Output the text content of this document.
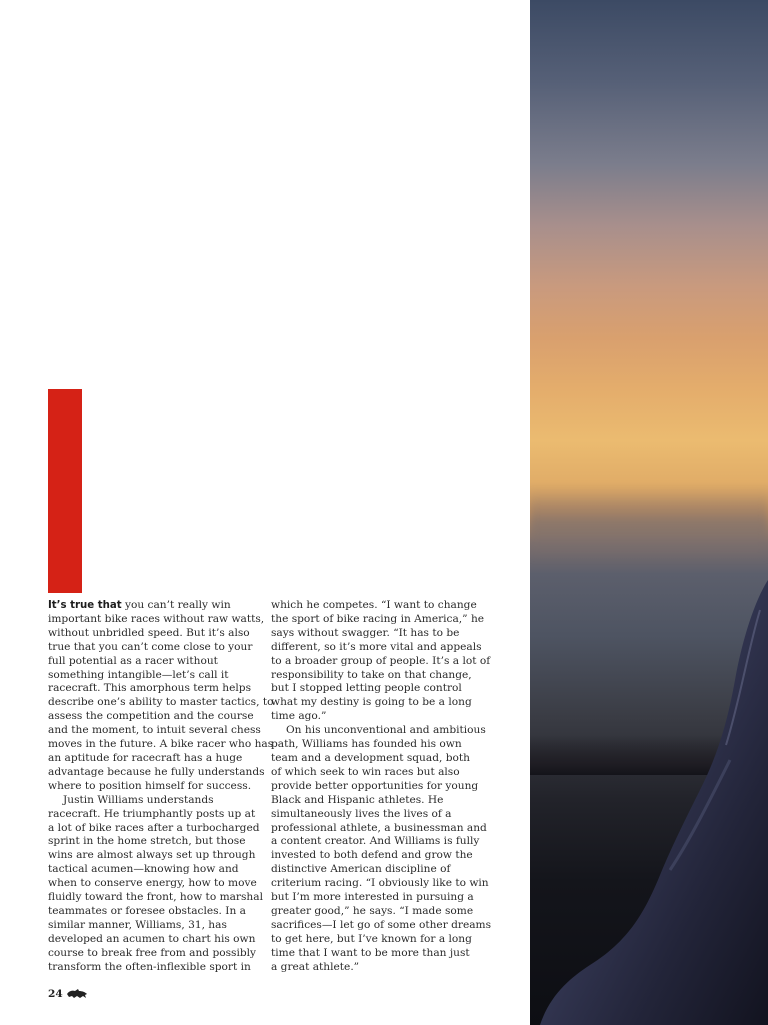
It’s true that you can’t really win
important bike races without raw watts,
without unbridled speed. But it’s also
true that you can’t come close to your
full potential as a racer without
something intangible—let’s call it
racecraft. This amorphous term helps
describe one’s ability to master tactics, to
assess the competition and the course
and the moment, to intuit several chess
moves in the future. A bike racer who has
an aptitude for racecraft has a huge
advantage because he fully understands
where to position himself for success.
Justin Williams understands
racecraft. He triumphantly posts up at
a lot of bike races after a turbocharged
sprint in the home stretch, but those
wins are almost always set up through
tactical acumen—knowing how and
when to conserve energy, how to move
fluidly toward the front, how to marshal
teammates or foresee obstacles. In a
similar manner, Williams, 31, has
developed an acumen to chart his own
course to break free from and possibly
transform the often-inflexible sport in
which he competes. “I want to change
the sport of bike racing in America,” he
says without swagger. “It has to be
different, so it’s more vital and appeals
to a broader group of people. It’s a lot of
responsibility to take on that change,
but I stopped letting people control
what my destiny is going to be a long
time ago.”
On his unconventional and ambitious
path, Williams has founded his own
team and a development squad, both
of which seek to win races but also
provide better opportunities for young
Black and Hispanic athletes. He
simultaneously lives the lives of a
professional athlete, a businessman and
a content creator. And Williams is fully
invested to both defend and grow the
distinctive American discipline of
criterium racing. “I obviously like to win
but I’m more interested in pursuing a
greater good,” he says. “I made some
sacrifices—I let go of some other dreams
to get here, but I’ve known for a long
time that I want to be more than just
a great athlete.”
24
